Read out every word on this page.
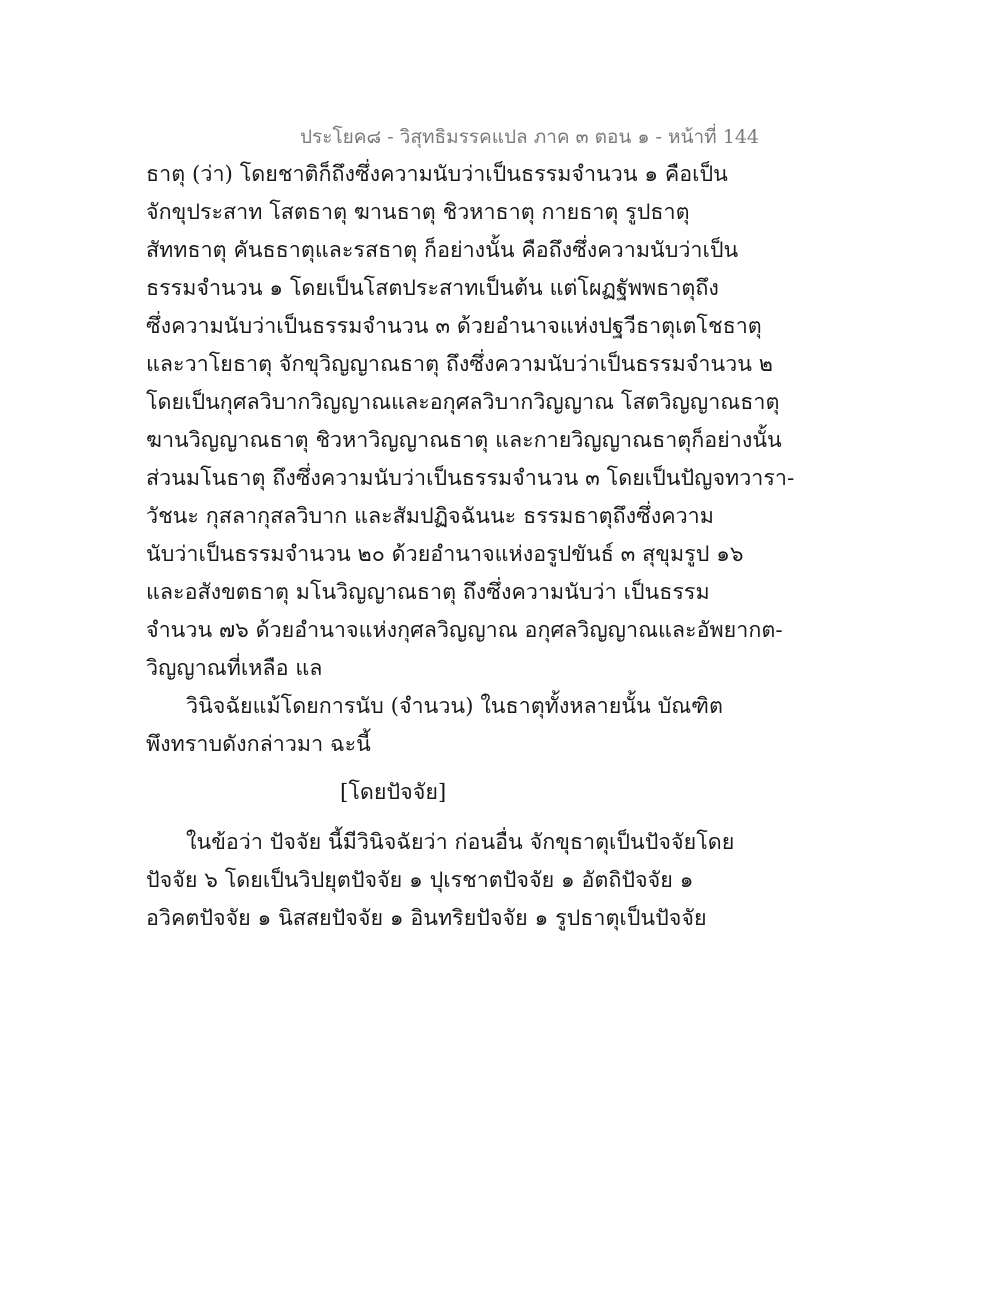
ประโยค๘ - วิสุทธิมรรคแปล ภาค ๓ ตอน ๑ - หน้าที่ 144
ธาตุ (ว่า) โดยชาติก็ถึงซึ่งความนับว่าเป็นธรรมจำนวน ๑ คือเป็น
จักขุประสาท โสตธาตุ ฆานธาตุ ชิวหาธาตุ กายธาตุ รูปธาตุ
สัททธาตุ คันธธาตุและรสธาตุ ก็อย่างนั้น คือถึงซึ่งความนับว่าเป็น
ธรรมจำนวน ๑ โดยเป็นโสตประสาทเป็นต้น แต่โผฏฐัพพธาตุถึง
ซึ่งความนับว่าเป็นธรรมจำนวน ๓ ด้วยอำนาจแห่งปฐวีธาตุเตโชธาตุ
และวาโยธาตุ จักขุวิญญาณธาตุ ถึงซึ่งความนับว่าเป็นธรรมจำนวน ๒
โดยเป็นกุศลวิบากวิญญาณและอกุศลวิบากวิญญาณ โสตวิญญาณธาตุ
ฆานวิญญาณธาตุ ชิวหาวิญญาณธาตุ และกายวิญญาณธาตุก็อย่างนั้น
ส่วนมโนธาตุ ถึงซึ่งความนับว่าเป็นธรรมจำนวน ๓ โดยเป็นปัญจทวารา-
วัชนะ กุสลากุสลวิบาก และสัมปฏิจฉันนะ ธรรมธาตุถึงซึ่งความ
นับว่าเป็นธรรมจำนวน ๒๐ ด้วยอำนาจแห่งอรูปขันธ์ ๓ สุขุมรูป ๑๖
และอสังขตธาตุ มโนวิญญาณธาตุ ถึงซึ่งความนับว่า เป็นธรรม
จำนวน ๗๖ ด้วยอำนาจแห่งกุศลวิญญาณ อกุศลวิญญาณและอัพยากต-
วิญญาณที่เหลือ แล
วินิจฉัยแม้โดยการนับ (จำนวน) ในธาตุทั้งหลายนั้น บัณฑิต
พึงทราบดังกล่าวมา ฉะนี้
[โดยปัจจัย]
ในข้อว่า ปัจจัย นี้มีวินิจฉัยว่า ก่อนอื่น จักขุธาตุเป็นปัจจัยโดย
ปัจจัย ๖ โดยเป็นวิปยุตปัจจัย ๑ ปุเรชาตปัจจัย ๑ อัตถิปัจจัย ๑
อวิคตปัจจัย ๑ นิสสยปัจจัย ๑ อินทริยปัจจัย ๑ รูปธาตุเป็นปัจจัย
